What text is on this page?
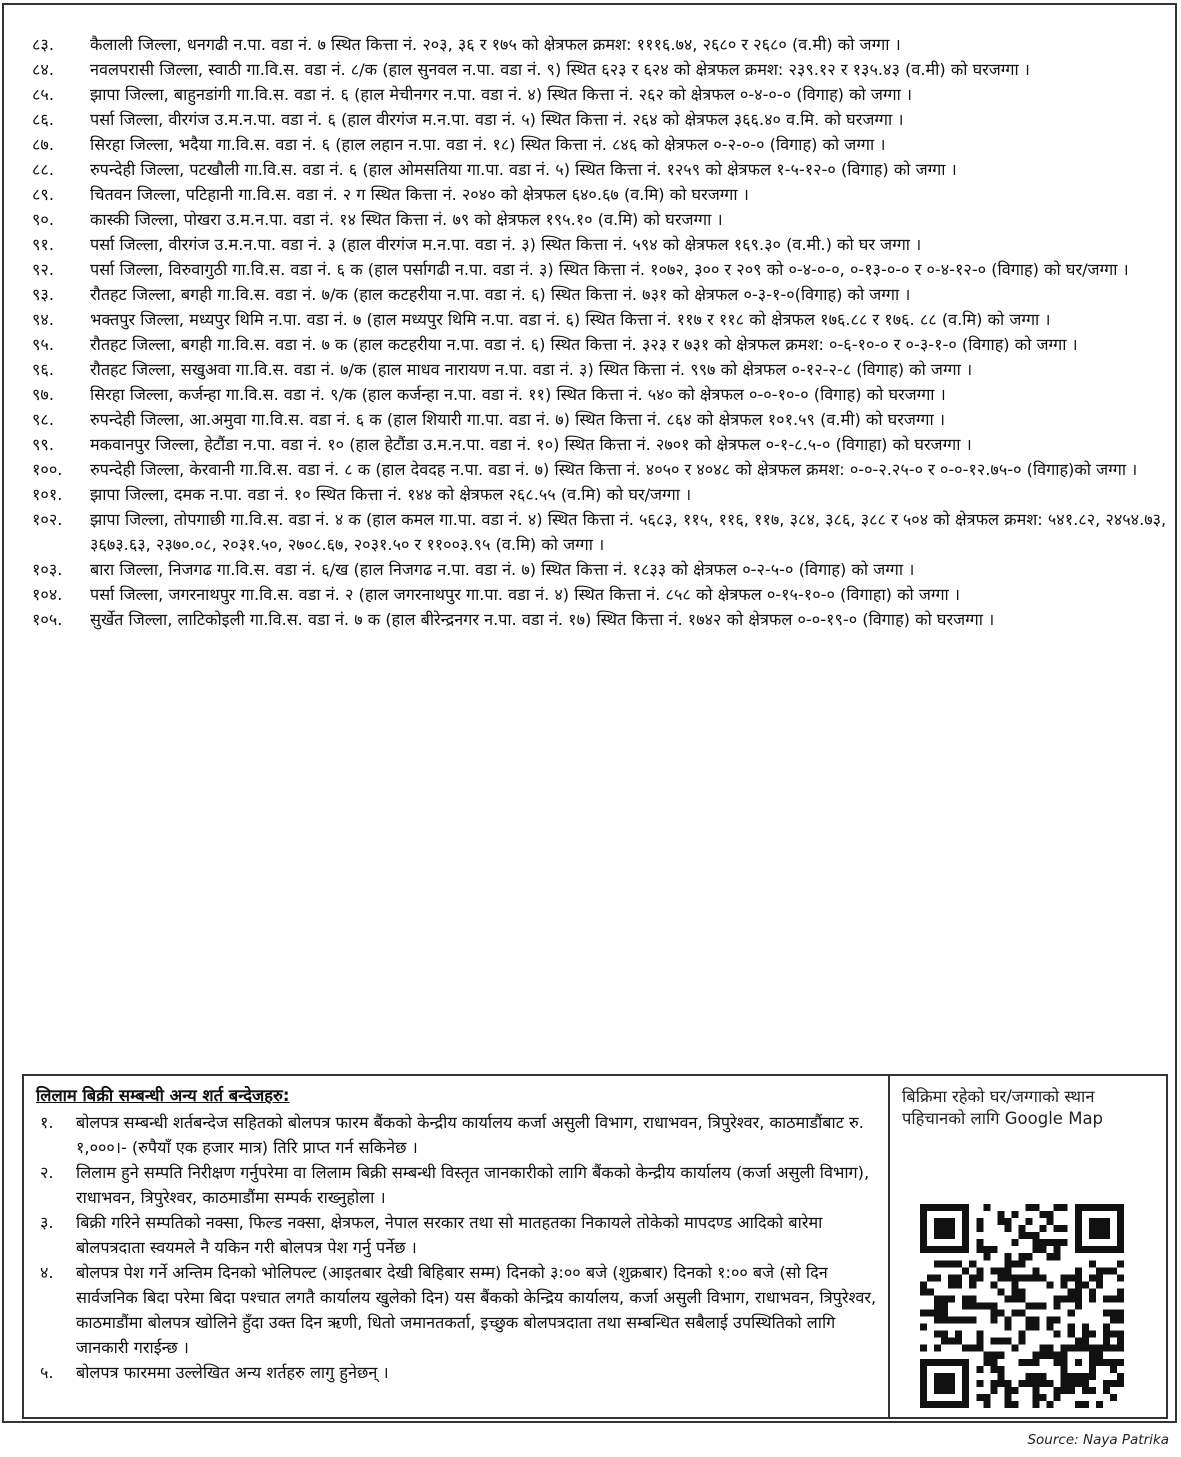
८३. कैलाली जिल्ला, धनगढी न.पा. वडा नं. ७ स्थित कित्ता नं. २०३, ३६ र १७५ को क्षेत्रफल क्रमश: १११६.७४, २६८० र २६८० (व.मी) को जग्गा ।
८४. नवलपरासी जिल्ला, स्वाठी गा.वि.स. वडा नं. ८/क (हाल सुनवल न.पा. वडा नं. ९) स्थित ६२३ र ६२४ को क्षेत्रफल क्रमश: २३९.१२ र १३५.४३ (व.मी) को घरजग्गा ।
८५. झापा जिल्ला, बाहुनडांगी गा.वि.स. वडा नं. ६ (हाल मेचीनगर न.पा. वडा नं. ४) स्थित कित्ता नं. २६२ को क्षेत्रफल ०-४-०-० (विगाह) को जग्गा ।
८६. पर्सा जिल्ला, वीरगंज उ.म.न.पा. वडा नं. ६ (हाल वीरगंज म.न.पा. वडा नं. ५) स्थित कित्ता नं. २६४ को क्षेत्रफल ३६६.४० व.मि. को घरजग्गा ।
८७. सिरहा जिल्ला, भदैया गा.वि.स. वडा नं. ६ (हाल लहान न.पा. वडा नं. १८) स्थित कित्ता नं. ८४६ को क्षेत्रफल ०-२-०-० (विगाह) को जग्गा ।
८८. रुपन्देही जिल्ला, पटखौली गा.वि.स. वडा नं. ६ (हाल ओमसतिया गा.पा. वडा नं. ५) स्थित कित्ता नं. १२५९ को क्षेत्रफल १-५-१२-० (विगाह) को जग्गा ।
८९. चितवन जिल्ला, पटिहानी गा.वि.स. वडा नं. २ ग स्थित कित्ता नं. २०४० को क्षेत्रफल ६४०.६७ (व.मि) को घरजग्गा ।
९०. कास्की जिल्ला, पोखरा उ.म.न.पा. वडा नं. १४ स्थित कित्ता नं. ७९ को क्षेत्रफल १९५.१० (व.मि) को घरजग्गा ।
९१. पर्सा जिल्ला, वीरगंज उ.म.न.पा. वडा नं. ३ (हाल वीरगंज म.न.पा. वडा नं. ३) स्थित कित्ता नं. ५९४ को क्षेत्रफल १६९.३० (व.मी.) को घर जग्गा ।
९२. पर्सा जिल्ला, विरुवागुठी गा.वि.स. वडा नं. ६ क (हाल पर्सागढी न.पा. वडा नं. ३) स्थित कित्ता नं. १०७२, ३०० र २०९ को ०-४-०-०, ०-१३-०-० र ०-४-१२-० (विगाह) को घर/जग्गा ।
९३. रौतहट जिल्ला, बगही गा.वि.स. वडा नं. ७/क (हाल कटहरीया न.पा. वडा नं. ६) स्थित कित्ता नं. ७३१ को क्षेत्रफल ०-३-१-०(विगाह) को जग्गा ।
९४. भक्तपुर जिल्ला, मध्यपुर थिमि न.पा. वडा नं. ७ (हाल मध्यपुर थिमि न.पा. वडा नं. ६) स्थित कित्ता नं. ११७ र ११८ को क्षेत्रफल १७६.८८ र १७६. ८८ (व.मि) को जग्गा ।
९५. रौतहट जिल्ला, बगही गा.वि.स. वडा नं. ७ क (हाल कटहरीया न.पा. वडा नं. ६) स्थित कित्ता नं. ३२३ र ७३१ को क्षेत्रफल क्रमश: ०-६-१०-० र ०-३-१-० (विगाह) को जग्गा ।
९६. रौतहट जिल्ला, सखुअवा गा.वि.स. वडा नं. ७/क (हाल माधव नारायण न.पा. वडा नं. ३) स्थित कित्ता नं. ९९७ को क्षेत्रफल ०-१२-२-८ (विगाह) को जग्गा ।
९७. सिरहा जिल्ला, कर्जन्हा गा.वि.स. वडा नं. ९/क (हाल कर्जन्हा न.पा. वडा नं. ११) स्थित कित्ता नं. ५४० को क्षेत्रफल ०-०-१०-० (विगाह) को घरजग्गा ।
९८. रुपन्देही जिल्ला, आ.अमुवा गा.वि.स. वडा नं. ६ क (हाल शियारी गा.पा. वडा नं. ७) स्थित कित्ता नं. ८६४ को क्षेत्रफल १०१.५९ (व.मी) को घरजग्गा ।
९९. मकवानपुर जिल्ला, हेटौंडा न.पा. वडा नं. १० (हाल हेटौंडा उ.म.न.पा. वडा नं. १०) स्थित कित्ता नं. २७०१ को क्षेत्रफल ०-१-८.५-० (विगाहा) को घरजग्गा ।
१००. रुपन्देही जिल्ला, केरवानी गा.वि.स. वडा नं. ८ क (हाल देवदह न.पा. वडा नं. ७) स्थित कित्ता नं. ४०५० र ४०४८ को क्षेत्रफल क्रमश: ०-०-२.२५-० र ०-०-१२.७५-० (विगाह)को जग्गा ।
१०१. झापा जिल्ला, दमक न.पा. वडा नं. १० स्थित कित्ता नं. १४४ को क्षेत्रफल २६८.५५ (व.मि) को घर/जग्गा ।
१०२. झापा जिल्ला, तोपगाछी गा.वि.स. वडा नं. ४ क (हाल कमल गा.पा. वडा नं. ४) स्थित कित्ता नं. ५६८३, ११५, ११६, ११७, ३८४, ३८६, ३८८ र ५०४ को क्षेत्रफल क्रमश: ५४१.८२, २४५४.७३, ३६७३.६३, २३७०.०८, २०३१.५०, २७०८.६७, २०३१.५० र ११००३.९५ (व.मि) को जग्गा ।
१०३. बारा जिल्ला, निजगढ गा.वि.स. वडा नं. ६/ख (हाल निजगढ न.पा. वडा नं. ७) स्थित कित्ता नं. १८३३ को क्षेत्रफल ०-२-५-० (विगाह) को जग्गा ।
१०४. पर्सा जिल्ला, जगरनाथपुर गा.वि.स. वडा नं. २ (हाल जगरनाथपुर गा.पा. वडा नं. ४) स्थित कित्ता नं. ८५८ को क्षेत्रफल ०-१५-१०-० (विगाहा) को जग्गा ।
१०५. सुर्खेत जिल्ला, लाटिकोइली गा.वि.स. वडा नं. ७ क (हाल बीरेन्द्रनगर न.पा. वडा नं. १७) स्थित कित्ता नं. १७४२ को क्षेत्रफल ०-०-१९-० (विगाह) को घरजग्गा ।
लिलाम बिक्री सम्बन्धी अन्य शर्त बन्देजहरु:
१. बोलपत्र सम्बन्धी शर्तबन्देज सहितको बोलपत्र फारम बैंकको केन्द्रीय कार्यालय कर्जा असुली विभाग, राधाभवन, त्रिपुरेश्वर, काठमाडौंबाट रु. १,०००।- (रुपैयाँ एक हजार मात्र) तिरि प्राप्त गर्न सकिनेछ ।
२. लिलाम हुने सम्पति निरीक्षण गर्नुपरेमा वा लिलाम बिक्री सम्बन्धी विस्तृत जानकारीको लागि बैंकको केन्द्रीय कार्यालय (कर्जा असुली विभाग), राधाभवन, त्रिपुरेश्वर, काठमाडौंमा सम्पर्क राख्नुहोला ।
३. बिक्री गरिने सम्पतिको नक्सा, फिल्ड नक्सा, क्षेत्रफल, नेपाल सरकार तथा सो मातहतका निकायले तोकेको मापदण्ड आदिको बारेमा बोलपत्रदाता स्वयमले नै यकिन गरी बोलपत्र पेश गर्नु पर्नेछ ।
४. बोलपत्र पेश गर्ने अन्तिम दिनको भोलिपल्ट (आइतबार देखी बिहिबार सम्म) दिनको ३:०० बजे (शुक्रबार) दिनको १:०० बजे (सो दिन सार्वजनिक बिदा परेमा बिदा पश्चात लगतै कार्यालय खुलेको दिन) यस बैंकको केन्द्रिय कार्यालय, कर्जा असुली विभाग, राधाभवन, त्रिपुरेश्वर, काठमाडौंमा बोलपत्र खोलिने हुँदा उक्त दिन ऋणी, धितो जमानतकर्ता, इच्छुक बोलपत्रदाता तथा सम्बन्धित सबैलाई उपस्थितिको लागि जानकारी गराईन्छ ।
५. बोलपत्र फारममा उल्लेखित अन्य शर्तहरु लागु हुनेछन् ।
बिक्रिमा रहेको घर/जग्गाको स्थान पहिचानको लागि Google Map
Source: Naya Patrika
